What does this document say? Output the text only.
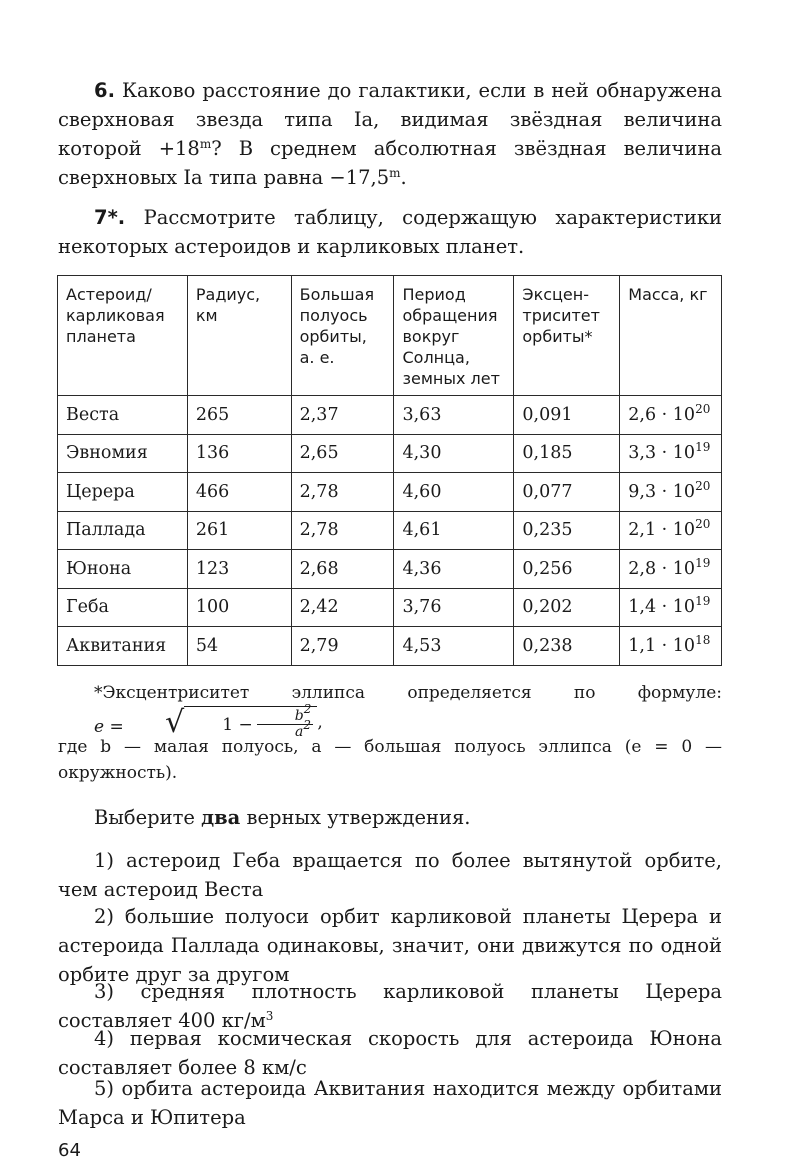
6. Каково расстояние до галактики, если в ней обнаружена сверхновая звезда типа Iа, видимая звёздная величина которой $+18^m$? В среднем абсолютная звёздная величина сверхновых Iа типа равна $-17,5^m$.
7*. Рассмотрите таблицу, содержащую характеристики некоторых астероидов и карликовых планет.
Астероид/ карликовая планета	Радиус, км	Большая полуось орбиты, а. е.	Период обращения вокруг Солнца, земных лет	Эксцен-триситет орбиты*	Масса, кг
Веста	265	2,37	3,63	0,091	$2,6 \cdot 10^{20}$
Эвномия	136	2,65	4,30	0,185	$3,3 \cdot 10^{19}$
Церера	466	2,78	4,60	0,077	$9,3 \cdot 10^{20}$
Паллада	261	2,78	4,61	0,235	$2,1 \cdot 10^{20}$
Юнона	123	2,68	4,36	0,256	$2,8 \cdot 10^{19}$
Геба	100	2,42	3,76	0,202	$1,4 \cdot 10^{19}$
Аквитания	54	2,79	4,53	0,238	$1,1 \cdot 10^{18}$
*Эксцентриситет эллипса определяется по формуле: e =	√	$1 - \frac{b^2}{a^2}$ ,
где b — малая полуось, a — большая полуось эллипса (e = 0 — окружность).
Выберите два верных утверждения.
1) астероид Геба вращается по более вытянутой орбите, чем астероид Веста
2) большие полуоси орбит карликовой планеты Церера и астероида Паллада одинаковы, значит, они движутся по одной орбите друг за другом
3) средняя плотность карликовой планеты Церера составляет 400 $кг/м^3$
4) первая космическая скорость для астероида Юнона составляет более 8 км/с
5) орбита астероида Аквитания находится между орбитами Марса и Юпитера
64
